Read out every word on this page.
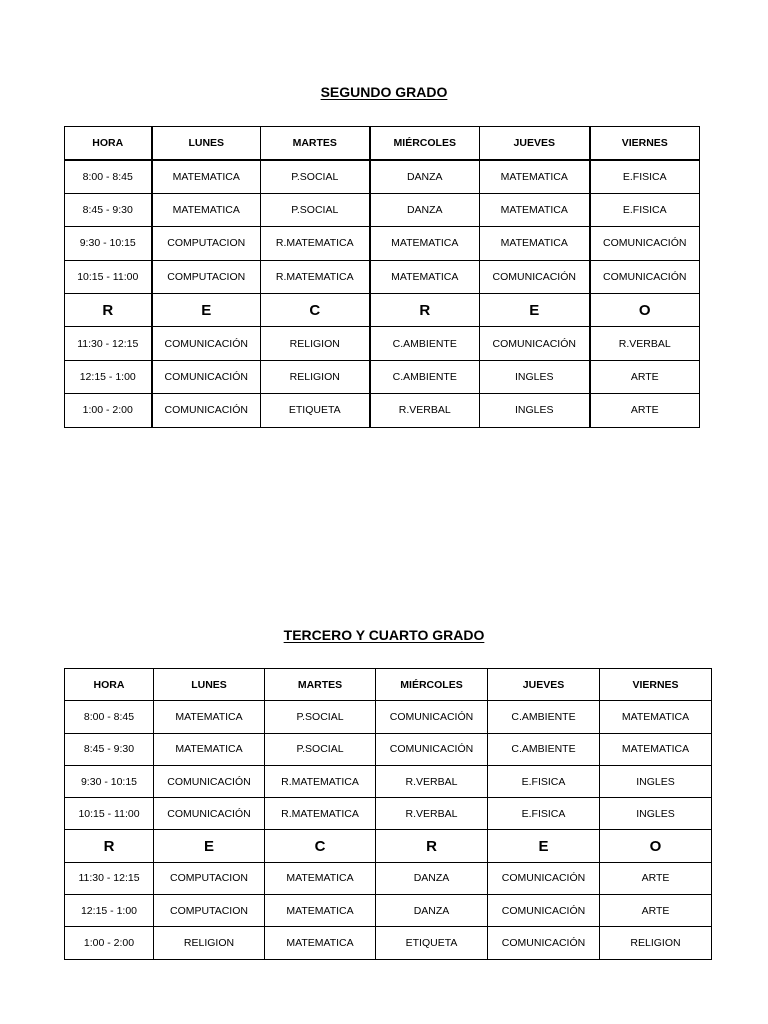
SEGUNDO GRADO
HORA	LUNES	MARTES	MIÉRCOLES	JUEVES	VIERNES
8:00 - 8:45	MATEMATICA	P.SOCIAL	DANZA	MATEMATICA	E.FISICA
8:45 - 9:30	MATEMATICA	P.SOCIAL	DANZA	MATEMATICA	E.FISICA
9:30 - 10:15	COMPUTACION	R.MATEMATICA	MATEMATICA	MATEMATICA	COMUNICACIÓN
10:15 - 11:00	COMPUTACION	R.MATEMATICA	MATEMATICA	COMUNICACIÓN	COMUNICACIÓN
R	E	C	R	E	O
11:30 - 12:15	COMUNICACIÓN	RELIGION	C.AMBIENTE	COMUNICACIÓN	R.VERBAL
12:15 - 1:00	COMUNICACIÓN	RELIGION	C.AMBIENTE	INGLES	ARTE
1:00 - 2:00	COMUNICACIÓN	ETIQUETA	R.VERBAL	INGLES	ARTE
TERCERO Y CUARTO GRADO
HORA	LUNES	MARTES	MIÉRCOLES	JUEVES	VIERNES
8:00 - 8:45	MATEMATICA	P.SOCIAL	COMUNICACIÓN	C.AMBIENTE	MATEMATICA
8:45 - 9:30	MATEMATICA	P.SOCIAL	COMUNICACIÓN	C.AMBIENTE	MATEMATICA
9:30 - 10:15	COMUNICACIÓN	R.MATEMATICA	R.VERBAL	E.FISICA	INGLES
10:15 - 11:00	COMUNICACIÓN	R.MATEMATICA	R.VERBAL	E.FISICA	INGLES
R	E	C	R	E	O
11:30 - 12:15	COMPUTACION	MATEMATICA	DANZA	COMUNICACIÓN	ARTE
12:15 - 1:00	COMPUTACION	MATEMATICA	DANZA	COMUNICACIÓN	ARTE
1:00 - 2:00	RELIGION	MATEMATICA	ETIQUETA	COMUNICACIÓN	RELIGION
